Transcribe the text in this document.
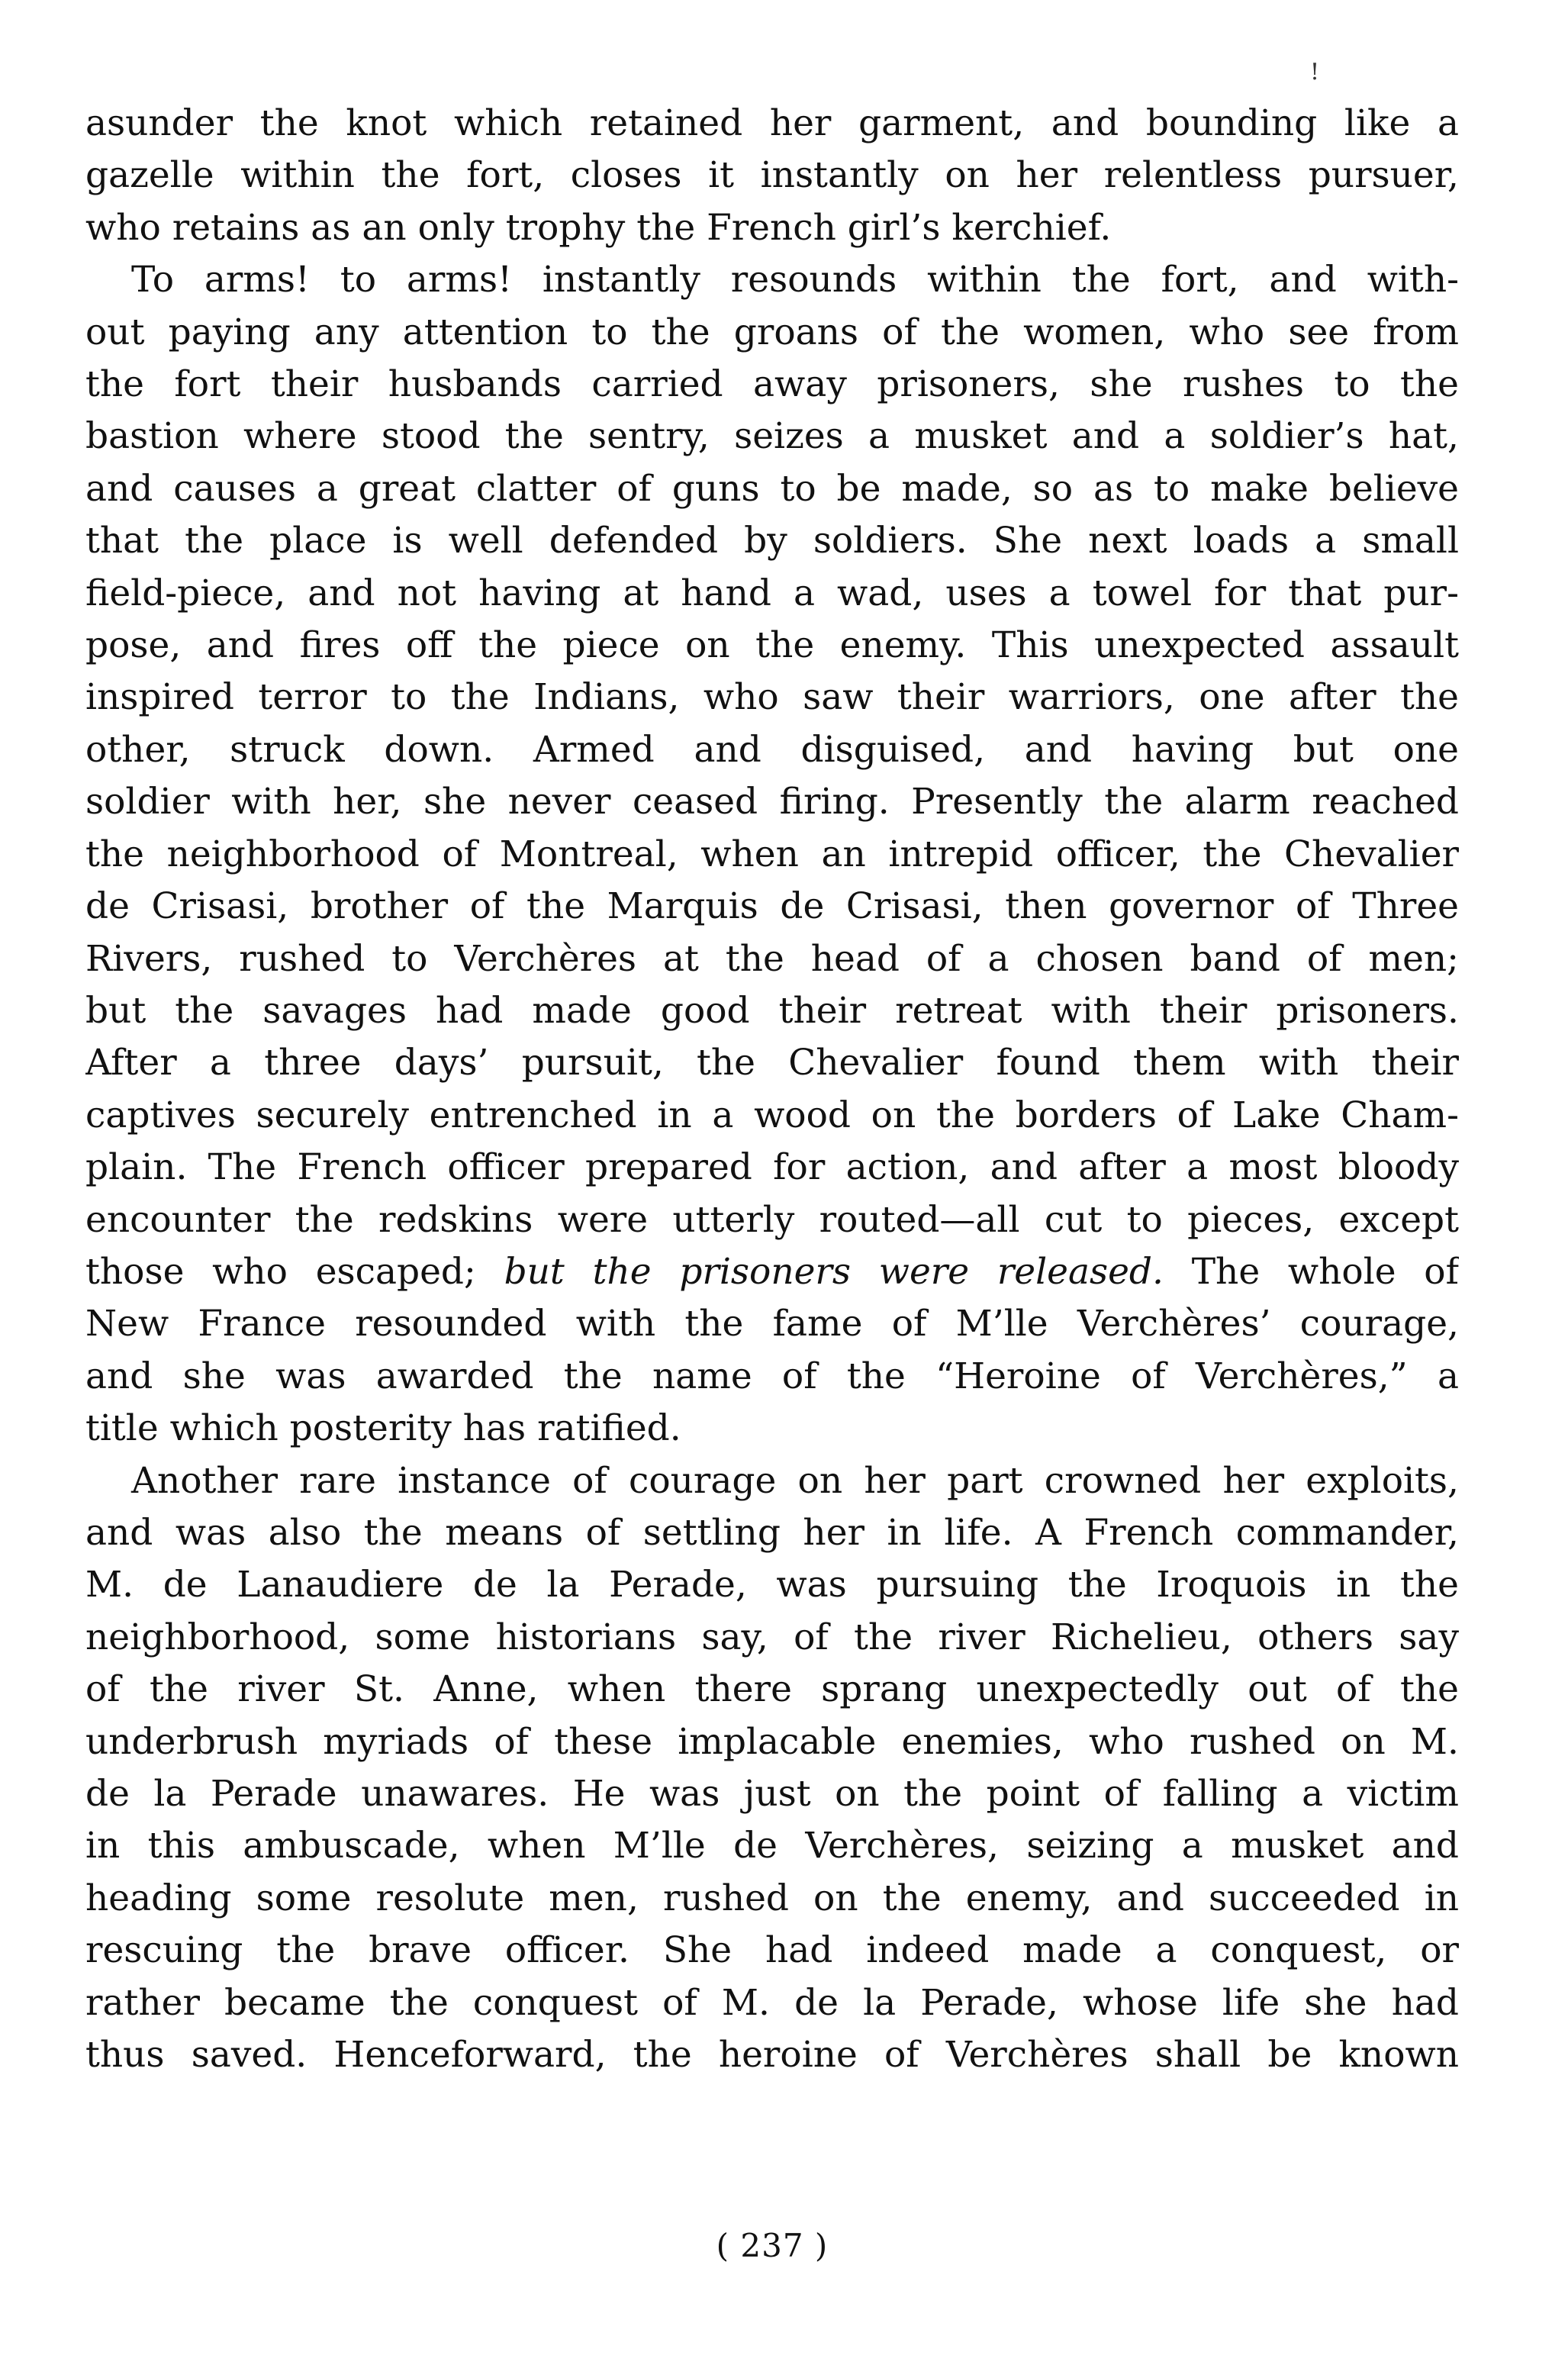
!

asunder the knot which retained her garment, and bounding like a
gazelle within the fort, closes it instantly on her relentless pursuer,
who retains as an only trophy the French girl’s kerchief.

To arms! to arms! instantly resounds within the fort, and with-
out paying any attention to the groans of the women, who see from
the fort their husbands carried away prisoners, she rushes to the
bastion where stood the sentry, seizes a musket and a soldier’s hat,
and causes a great clatter of guns to be made, so as to make believe
that the place is well defended by soldiers. She next loads a small
field-piece, and not having at hand a wad, uses a towel for that pur-
pose, and fires off the piece on the enemy. This unexpected assault
inspired terror to the Indians, who saw their warriors, one after the
other, struck down. Armed and disguised, and having but one
soldier with her, she never ceased firing. Presently the alarm reached
the neighborhood of Montreal, when an intrepid officer, the Chevalier
de Crisasi, brother of the Marquis de Crisasi, then governor of Three
Rivers, rushed to Verchères at the head of a chosen band of men;
but the savages had made good their retreat with their prisoners.
After a three days’ pursuit, the Chevalier found them with their
captives securely entrenched in a wood on the borders of Lake Cham-
plain. The French officer prepared for action, and after a most bloody
encounter the redskins were utterly routed—all cut to pieces, except
those who escaped; but the prisoners were released. The whole of
New France resounded with the fame of M’lle Verchères’ courage,
and she was awarded the name of the “Heroine of Verchères,” a
title which posterity has ratified.

Another rare instance of courage on her part crowned her exploits,
and was also the means of settling her in life. A French commander,
M. de Lanaudiere de la Perade, was pursuing the Iroquois in the
neighborhood, some historians say, of the river Richelieu, others say
of the river St. Anne, when there sprang unexpectedly out of the
underbrush myriads of these implacable enemies, who rushed on M.
de la Perade unawares. He was just on the point of falling a victim
in this ambuscade, when M’lle de Verchères, seizing a musket and
heading some resolute men, rushed on the enemy, and succeeded in
rescuing the brave officer. She had indeed made a conquest, or
rather became the conquest of M. de la Perade, whose life she had
thus saved. Henceforward, the heroine of Verchères shall be known

( 237 )
